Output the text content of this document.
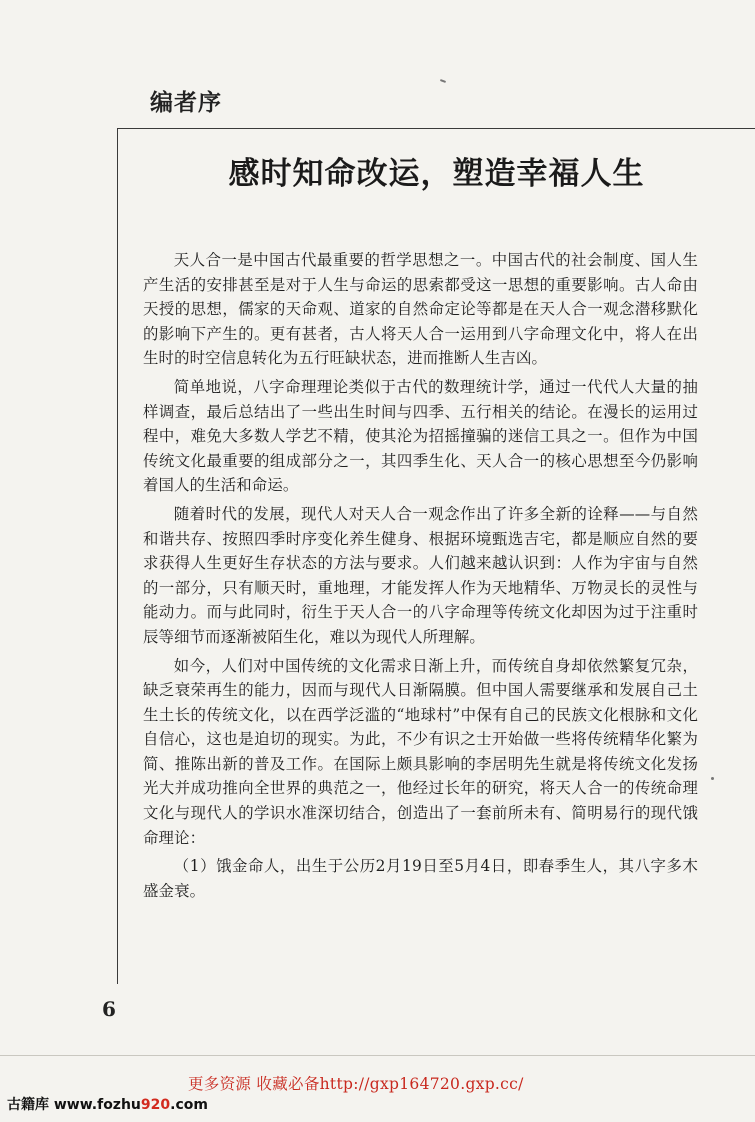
编者序
感时知命改运，塑造幸福人生

天人合一是中国古代最重要的哲学思想之一。中国古代的社会制度、国人生产生活的安排甚至是对于人生与命运的思索都受这一思想的重要影响。古人命由天授的思想，儒家的天命观、道家的自然命定论等都是在天人合一观念潜移默化的影响下产生的。更有甚者，古人将天人合一运用到八字命理文化中，将人在出生时的时空信息转化为五行旺缺状态，进而推断人生吉凶。

简单地说，八字命理理论类似于古代的数理统计学，通过一代代人大量的抽样调查，最后总结出了一些出生时间与四季、五行相关的结论。在漫长的运用过程中，难免大多数人学艺不精，使其沦为招摇撞骗的迷信工具之一。但作为中国传统文化最重要的组成部分之一，其四季生化、天人合一的核心思想至今仍影响着国人的生活和命运。

随着时代的发展，现代人对天人合一观念作出了许多全新的诠释——与自然和谐共存、按照四季时序变化养生健身、根据环境甄选吉宅，都是顺应自然的要求获得人生更好生存状态的方法与要求。人们越来越认识到：人作为宇宙与自然的一部分，只有顺天时，重地理，才能发挥人作为天地精华、万物灵长的灵性与能动力。而与此同时，衍生于天人合一的八字命理等传统文化却因为过于注重时辰等细节而逐渐被陌生化，难以为现代人所理解。

如今，人们对中国传统的文化需求日渐上升，而传统自身却依然繁复冗杂，缺乏衰荣再生的能力，因而与现代人日渐隔膜。但中国人需要继承和发展自己土生土长的传统文化，以在西学泛滥的“地球村”中保有自己的民族文化根脉和文化自信心，这也是迫切的现实。为此，不少有识之士开始做一些将传统精华化繁为简、推陈出新的普及工作。在国际上颇具影响的李居明先生就是将传统文化发扬光大并成功推向全世界的典范之一，他经过长年的研究，将天人合一的传统命理文化与现代人的学识水准深切结合，创造出了一套前所未有、简明易行的现代饿命理论：

（1）饿金命人，出生于公历2月19日至5月4日，即春季生人，其八字多木盛金衰。

6
更多资源 收藏必备http://gxp164720.gxp.cc/
古籍库 www.fozhu920.com
